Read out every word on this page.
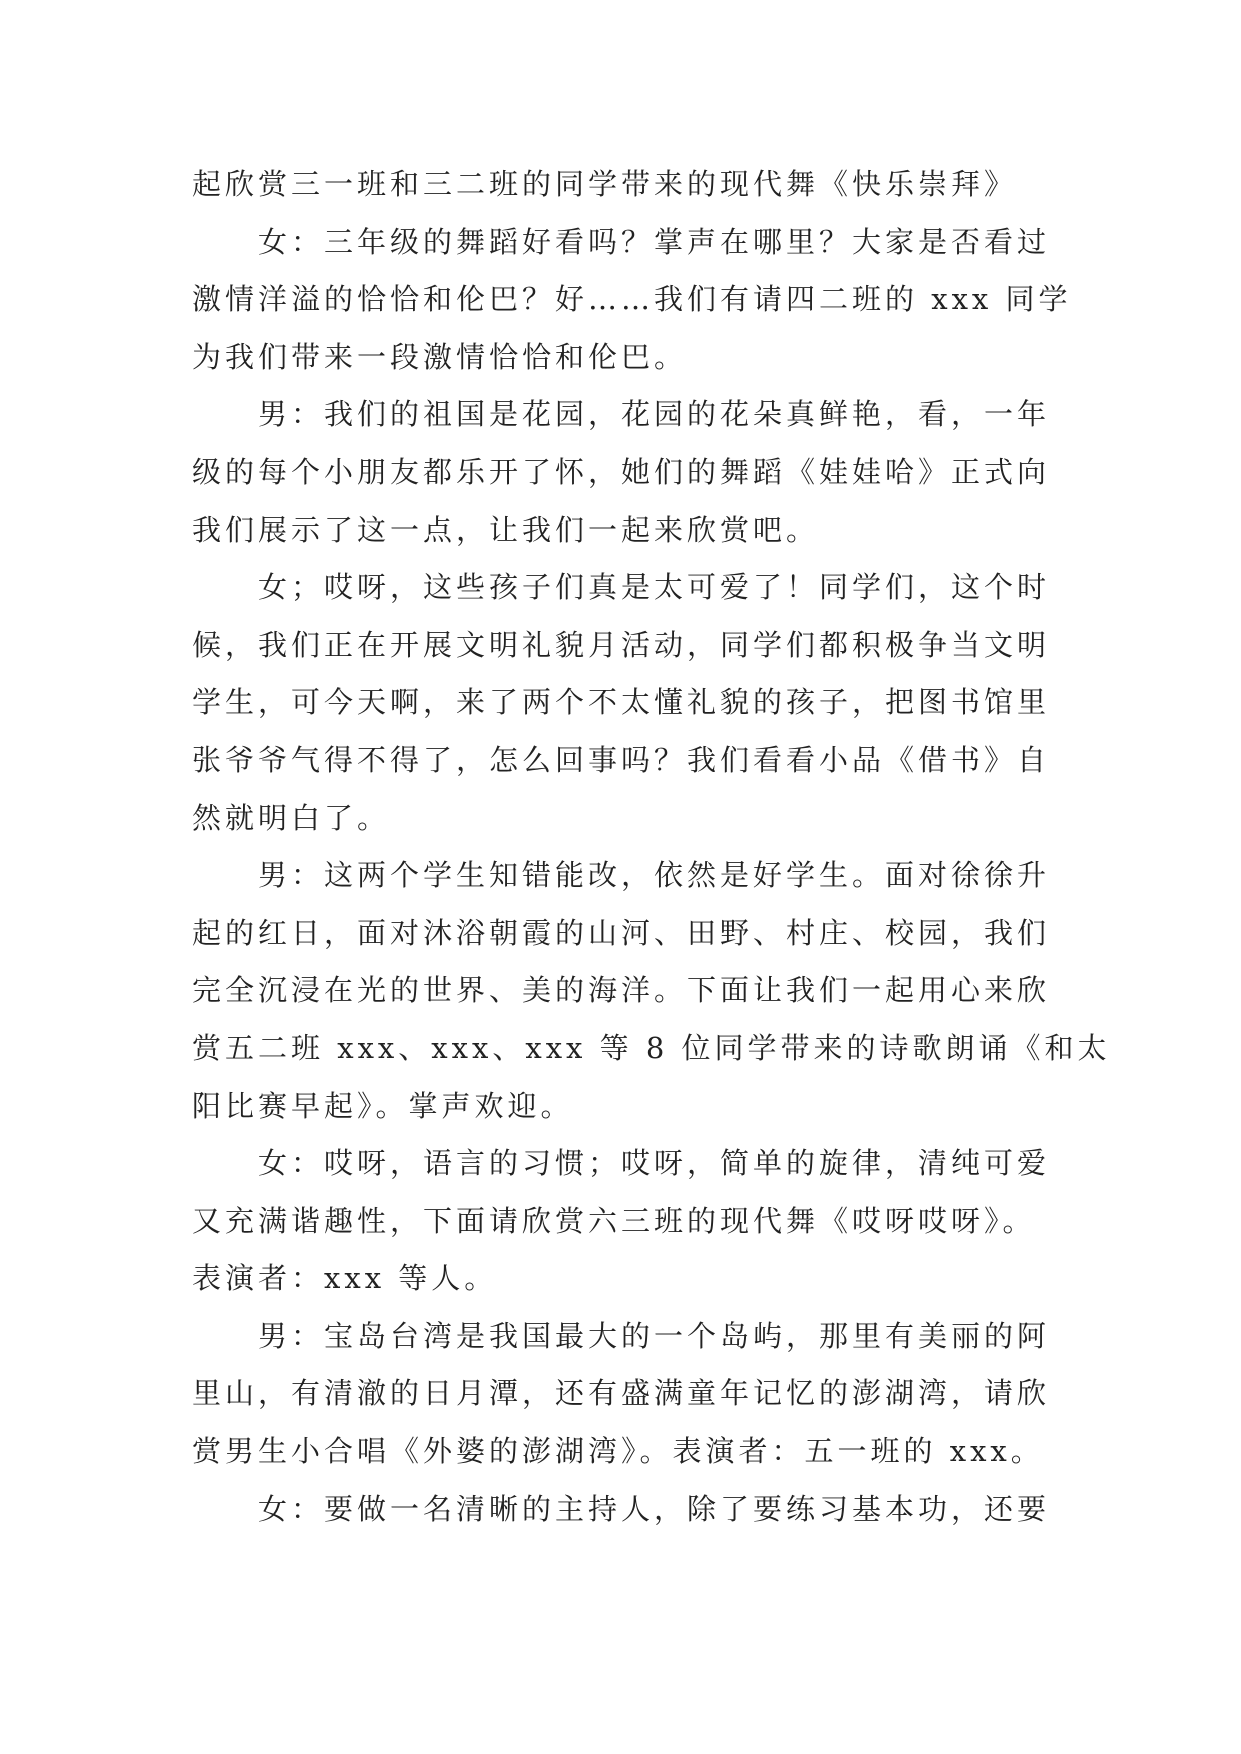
起欣赏三一班和三二班的同学带来的现代舞《快乐崇拜》
女：三年级的舞蹈好看吗？掌声在哪里？大家是否看过
激情洋溢的恰恰和伦巴？好……我们有请四二班的 xxx 同学
为我们带来一段激情恰恰和伦巴。
男：我们的祖国是花园，花园的花朵真鲜艳，看，一年
级的每个小朋友都乐开了怀，她们的舞蹈《娃娃哈》正式向
我们展示了这一点，让我们一起来欣赏吧。
女；哎呀，这些孩子们真是太可爱了！同学们，这个时
候，我们正在开展文明礼貌月活动，同学们都积极争当文明
学生，可今天啊，来了两个不太懂礼貌的孩子，把图书馆里
张爷爷气得不得了，怎么回事吗？我们看看小品《借书》自
然就明白了。
男：这两个学生知错能改，依然是好学生。面对徐徐升
起的红日，面对沐浴朝霞的山河、田野、村庄、校园，我们
完全沉浸在光的世界、美的海洋。下面让我们一起用心来欣
赏五二班 xxx、xxx、xxx 等 8 位同学带来的诗歌朗诵《和太
阳比赛早起》。掌声欢迎。
女：哎呀，语言的习惯；哎呀，简单的旋律，清纯可爱
又充满谐趣性，下面请欣赏六三班的现代舞《哎呀哎呀》。
表演者：xxx 等人。
男：宝岛台湾是我国最大的一个岛屿，那里有美丽的阿
里山，有清澈的日月潭，还有盛满童年记忆的澎湖湾，请欣
赏男生小合唱《外婆的澎湖湾》。表演者：五一班的 xxx。
女：要做一名清晰的主持人，除了要练习基本功，还要
